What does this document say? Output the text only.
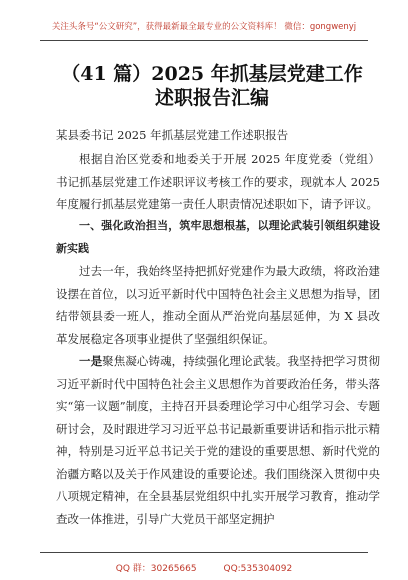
关注头条号“公文研究”，获得最新最全最专业的公文资料库！ 微信：gongwenyj
（41 篇）2025 年抓基层党建工作述职报告汇编
某县委书记 2025 年抓基层党建工作述职报告
根据自治区党委和地委关于开展 2025 年度党委（党组）书记抓基层党建工作述职评议考核工作的要求，现就本人 2025 年度履行抓基层党建第一责任人职责情况述职如下，请予评议。
一、强化政治担当，筑牢思想根基，以理论武装引领组织建设新实践
过去一年，我始终坚持把抓好党建作为最大政绩，将政治建设摆在首位，以习近平新时代中国特色社会主义思想为指导，团结带领县委一班人，推动全面从严治党向基层延伸，为 X 县改革发展稳定各项事业提供了坚强组织保证。
一是聚焦凝心铸魂，持续强化理论武装。我坚持把学习贯彻习近平新时代中国特色社会主义思想作为首要政治任务，带头落实“第一议题”制度，主持召开县委理论学习中心组学习会、专题研讨会，及时跟进学习习近平总书记最新重要讲话和指示批示精神，特别是习近平总书记关于党的建设的重要思想、新时代党的治疆方略以及关于作风建设的重要论述。我们围绕深入贯彻中央八项规定精神，在全县基层党组织中扎实开展学习教育，推动学查改一体推进，引导广大党员干部坚定拥护
QQ 群：30265665	QQ:535304092
